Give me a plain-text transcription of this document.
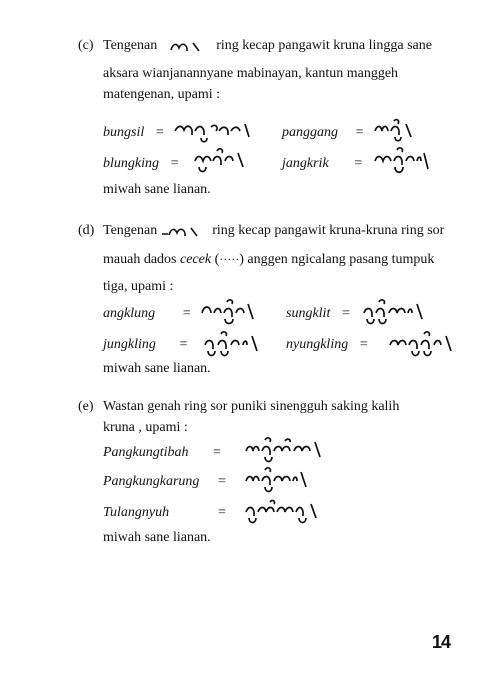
(c) Tengenan	ring kecap pangawit kruna lingga sane
aksara wianjanannyane mabinayan, kantun manggeh
matengenan, upami :
bungsil =	panggang =
blungking =	jangkrik =
miwah sane lianan.
(d) Tengenan	ring kecap pangawit kruna-kruna ring sor
mauah dados cecek (·····) anggen ngicalang pasang tumpuk
tiga, upami :
angklung =	sungklit =
jungkling =	nyungkling =
miwah sane lianan.
(e) Wastan genah ring sor puniki sinengguh saking kalih
kruna , upami :
Pangkungtibah =
Pangkungkarung =
Tulangnyuh	=
miwah sane lianan.
14
